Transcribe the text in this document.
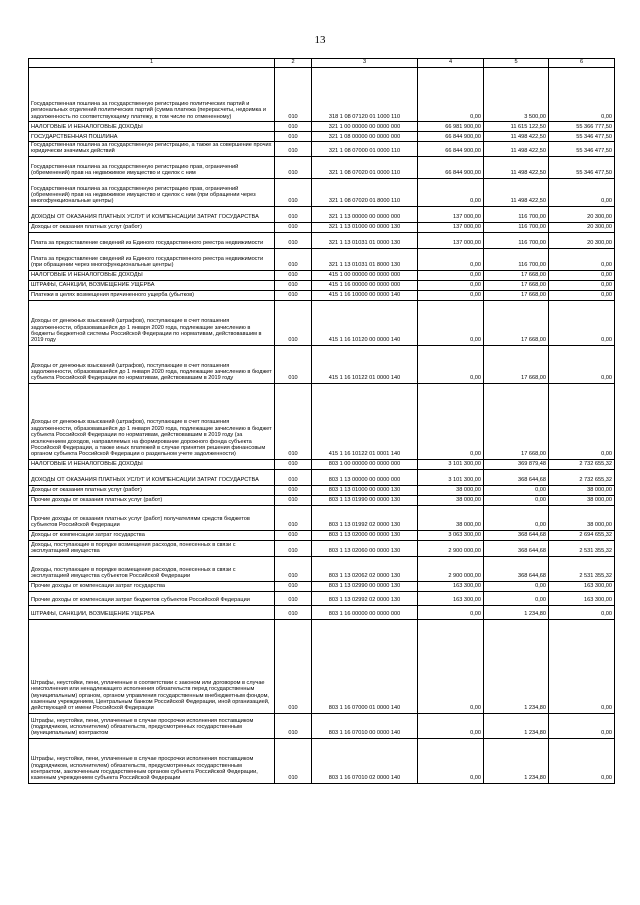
13
1	2	3	4	5	6
Государственная пошлина за государственную регистрацию политических партий и региональных отделений политических партий (сумма платежа (перерасчеты, недоимка и задолженность по соответствующему платежу, в том числе по отмененному)	010	318 1 08 07120 01 1000 110	0,00	3 500,00	0,00
НАЛОГОВЫЕ И НЕНАЛОГОВЫЕ ДОХОДЫ	010	321 1 00 00000 00 0000 000	66 981 900,00	11 615 122,50	55 366 777,50
ГОСУДАРСТВЕННАЯ ПОШЛИНА	010	321 1 08 00000 00 0000 000	66 844 900,00	11 498 422,50	55 346 477,50
Государственная пошлина за государственную регистрацию, а также за совершение прочих юридически значимых действий	010	321 1 08 07000 01 0000 110	66 844 900,00	11 498 422,50	55 346 477,50
Государственная пошлина за государственную регистрацию прав, ограничений (обременений) прав на недвижимое имущество и сделок с ним	010	321 1 08 07020 01 0000 110	66 844 900,00	11 498 422,50	55 346 477,50
Государственная пошлина за государственную регистрацию прав, ограничений (обременений) прав на недвижимое имущество и сделок с ним (при обращении через многофункциональные центры)	010	321 1 08 07020 01 8000 110	0,00	11 498 422,50	0,00
ДОХОДЫ ОТ ОКАЗАНИЯ ПЛАТНЫХ УСЛУГ И КОМПЕНСАЦИИ ЗАТРАТ ГОСУДАРСТВА	010	321 1 13 00000 00 0000 000	137 000,00	116 700,00	20 300,00
Доходы от оказания платных услуг (работ)	010	321 1 13 01000 00 0000 130	137 000,00	116 700,00	20 300,00
Плата за предоставление сведений из Единого государственного реестра недвижимости	010	321 1 13 01031 01 0000 130	137 000,00	116 700,00	20 300,00
Плата за предоставление сведений из Единого государственного реестра недвижимости (при обращении через многофункциональные центры)	010	321 1 13 01031 01 8000 130	0,00	116 700,00	0,00
НАЛОГОВЫЕ И НЕНАЛОГОВЫЕ ДОХОДЫ	010	415 1 00 00000 00 0000 000	0,00	17 668,00	0,00
ШТРАФЫ, САНКЦИИ, ВОЗМЕЩЕНИЕ УЩЕРБА	010	415 1 16 00000 00 0000 000	0,00	17 668,00	0,00
Платежи в целях возмещения причиненного ущерба (убытков)	010	415 1 16 10000 00 0000 140	0,00	17 668,00	0,00
Доходы от денежных взысканий (штрафов), поступающие в счет погашения задолженности, образовавшейся до 1 января 2020 года, подлежащие зачислению в бюджеты бюджетной системы Российской Федерации по нормативам, действовавшим в 2019 году	010	415 1 16 10120 00 0000 140	0,00	17 668,00	0,00
Доходы от денежных взысканий (штрафов), поступающие в счет погашения задолженности, образовавшейся до 1 января 2020 года, подлежащие зачислению в бюджет субъекта Российской Федерации по нормативам, действовавшим в 2019 году	010	415 1 16 10122 01 0000 140	0,00	17 668,00	0,00
Доходы от денежных взысканий (штрафов), поступающие в счет погашения задолженности, образовавшейся до 1 января 2020 года, подлежащие зачислению в бюджет субъекта Российской Федерации по нормативам, действовавшим в 2019 году (за исключением доходов, направляемых на формирование дорожного фонда субъекта Российской Федерации, а также иных платежей в случае принятия решения финансовым органом субъекта Российской Федерации о раздельном учете задолженности)	010	415 1 16 10122 01 0001 140	0,00	17 668,00	0,00
НАЛОГОВЫЕ И НЕНАЛОГОВЫЕ ДОХОДЫ	010	803 1 00 00000 00 0000 000	3 101 300,00	369 879,48	2 732 655,32
ДОХОДЫ ОТ ОКАЗАНИЯ ПЛАТНЫХ УСЛУГ И КОМПЕНСАЦИИ ЗАТРАТ ГОСУДАРСТВА	010	803 1 13 00000 00 0000 000	3 101 300,00	368 644,68	2 732 655,32
Доходы от оказания платных услуг (работ)	010	803 1 13 01000 00 0000 130	38 000,00	0,00	38 000,00
Прочие доходы от оказания платных услуг (работ)	010	803 1 13 01990 00 0000 130	38 000,00	0,00	38 000,00
Прочие доходы от оказания платных услуг (работ) получателями средств бюджетов субъектов Российской Федерации	010	803 1 13 01992 02 0000 130	38 000,00	0,00	38 000,00
Доходы от компенсации затрат государства	010	803 1 13 02000 00 0000 130	3 063 300,00	368 644,68	2 694 655,32
Доходы, поступающие в порядке возмещения расходов, понесенных в связи с эксплуатацией имущества	010	803 1 13 02060 00 0000 130	2 900 000,00	368 644,68	2 531 355,32
Доходы, поступающие в порядке возмещения расходов, понесенных в связи с эксплуатацией имущества субъектов Российской Федерации	010	803 1 13 02062 02 0000 130	2 900 000,00	368 644,68	2 531 355,32
Прочие доходы от компенсации затрат государства	010	803 1 13 02990 00 0000 130	163 300,00	0,00	163 300,00
Прочие доходы от компенсации затрат бюджетов субъектов Российской Федерации	010	803 1 13 02992 02 0000 130	163 300,00	0,00	163 300,00
ШТРАФЫ, САНКЦИИ, ВОЗМЕЩЕНИЕ УЩЕРБА	010	803 1 16 00000 00 0000 000	0,00	1 234,80	0,00
Штрафы, неустойки, пени, уплаченные в соответствии с законом или договором в случае неисполнения или ненадлежащего исполнения обязательств перед государственным (муниципальным) органом, органом управления государственным внебюджетным фондом, казенным учреждением, Центральным банком Российской Федерации, иной организацией, действующей от имени Российской Федерации	010	803 1 16 07000 01 0000 140	0,00	1 234,80	0,00
Штрафы, неустойки, пени, уплаченные в случае просрочки исполнения поставщиком (подрядчиком, исполнителем) обязательств, предусмотренных государственным (муниципальным) контрактом	010	803 1 16 07010 00 0000 140	0,00	1 234,80	0,00
Штрафы, неустойки, пени, уплаченные в случае просрочки исполнения поставщиком (подрядчиком, исполнителем) обязательств, предусмотренных государственным контрактом, заключенным государственным органом субъекта Российской Федерации, казенным учреждением субъекта Российской Федерации	010	803 1 16 07010 02 0000 140	0,00	1 234,80	0,00
